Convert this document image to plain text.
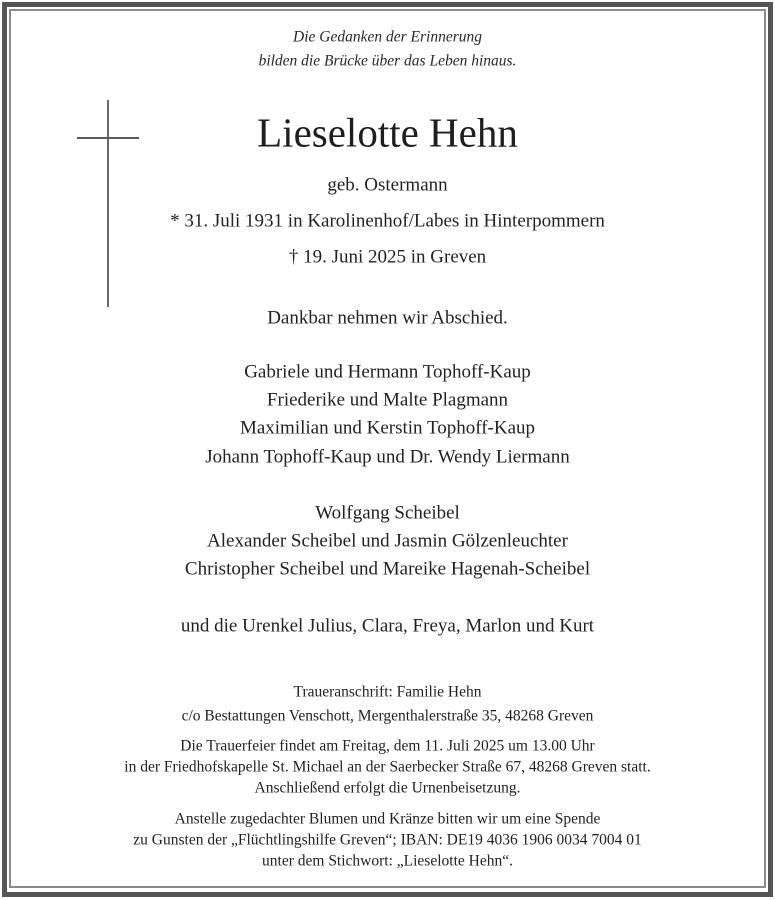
Die Gedanken der Erinnerung
bilden die Brücke über das Leben hinaus.
Lieselotte Hehn
geb. Ostermann
* 31. Juli 1931 in Karolinenhof/Labes in Hinterpommern
† 19. Juni 2025 in Greven
Dankbar nehmen wir Abschied.
Gabriele und Hermann Tophoff-Kaup
Friederike und Malte Plagmann
Maximilian und Kerstin Tophoff-Kaup
Johann Tophoff-Kaup und Dr. Wendy Liermann
Wolfgang Scheibel
Alexander Scheibel und Jasmin Gölzenleuchter
Christopher Scheibel und Mareike Hagenah-Scheibel
und die Urenkel Julius, Clara, Freya, Marlon und Kurt
Traueranschrift: Familie Hehn
c/o Bestattungen Venschott, Mergenthalerstraße 35, 48268 Greven
Die Trauerfeier findet am Freitag, dem 11. Juli 2025 um 13.00 Uhr
in der Friedhofskapelle St. Michael an der Saerbecker Straße 67, 48268 Greven statt.
Anschließend erfolgt die Urnenbeisetzung.
Anstelle zugedachter Blumen und Kränze bitten wir um eine Spende
zu Gunsten der „Flüchtlingshilfe Greven“; IBAN: DE19 4036 1906 0034 7004 01
unter dem Stichwort: „Lieselotte Hehn“.
